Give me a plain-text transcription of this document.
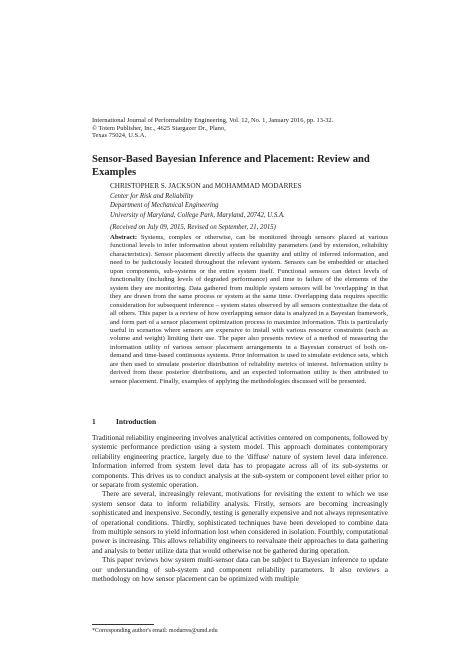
International Journal of Performability Engineering, Vol. 12, No. 1, January 2016, pp. 13-32.
© Totem Publisher, Inc., 4625 Stargazer Dr., Plano,
Texas 75024, U.S.A.
Sensor-Based Bayesian Inference and Placement: Review and Examples
CHRISTOPHER S. JACKSON and MOHAMMAD MODARRES
Center for Risk and Reliability
Department of Mechanical Engineering
University of Maryland, College Park, Maryland, 20742, U.S.A.
(Received on July 09, 2015, Revised on September, 21, 2015)

Abstract: Systems, complex or otherwise, can be monitored through sensors placed at various functional levels to infer information about system reliability parameters (and by extension, reliability characteristics). Sensor placement directly affects the quantity and utility of inferred information, and need to be judiciously located throughout the relevant system. Sensors can be embedded or attached upon components, sub-systems or the entire system itself. Functional sensors can detect levels of functionality (including levels of degraded performance) and time to failure of the elements of the system they are monitoring. Data gathered from multiple system sensors will be 'overlapping' in that they are drawn from the same process or system at the same time. Overlapping data requires specific consideration for subsequent inference – system states observed by all sensors contextualize the data of all others. This paper is a review of how overlapping sensor data is analyzed in a Bayesian framework, and form part of a sensor placement optimization process to maximize information. This is particularly useful in scenarios where sensors are expensive to install with various resource constraints (such as volume and weight) limiting their use. The paper also presents review of a method of measuring the information utility of various sensor placement arrangements in a Bayesian construct of both on-demand and time-based continuous systems. Prior information is used to simulate evidence sets, which are then used to simulate posterior distribution of reliability metrics of interest. Information utility is derived from these posterior distributions, and an expected information utility is then attributed to sensor placement. Finally, examples of applying the methodologies discussed will be presented.

1	Introduction

Traditional reliability engineering involves analytical activities centered on components, followed by systemic performance prediction using a system model. This approach dominates contemporary reliability engineering practice, largely due to the 'diffuse' nature of system level data inference. Information inferred from system level data has to propagate across all of its sub-systems or components. This drives us to conduct analysis at the sub-system or component level either prior to or separate from systemic operation.

There are several, increasingly relevant, motivations for revisiting the extent to which we use system sensor data to inform reliability analysis. Firstly, sensors are becoming increasingly sophisticated and inexpensive. Secondly, testing is generally expensive and not always representative of operational conditions. Thirdly, sophisticated techniques have been developed to combine data from multiple sensors to yield information lost when considered in isolation. Fourthly, computational power is increasing. This allows reliability engineers to reevaluate their approaches to data gathering and analysis to better utilize data that would otherwise not be gathered during operation.

This paper reviews how system multi-sensor data can be subject to Bayesian inference to update our understanding of sub-system and component reliability parameters. It also reviews a methodology on how sensor placement can be optimized with multiple

*Corresponding author's email: modarres@umd.edu
